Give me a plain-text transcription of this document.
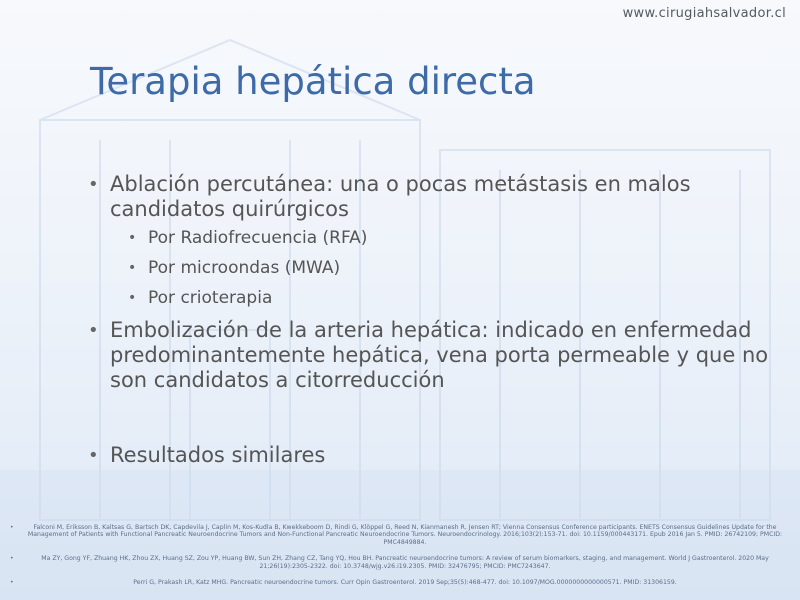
www.cirugiahsalvador.cl
Terapia hepática directa
• Ablación percutánea: una o pocas metástasis en malos candidatos quirúrgicos
• Por Radiofrecuencia (RFA)
• Por microondas (MWA)
• Por crioterapia
• Embolización de la arteria hepática: indicado en enfermedad predominantemente hepática, vena porta permeable y que no son candidatos a citorreducción
• Resultados similares
•	Falconi M, Eriksson B, Kaltsas G, Bartsch DK, Capdevila J, Caplin M, Kos-Kudla B, Kwekkeboom D, Rindi G, Klöppel G, Reed N, Kianmanesh R, Jensen RT; Vienna Consensus Conference participants. ENETS Consensus Guidelines Update for the Management of Patients with Functional Pancreatic Neuroendocrine Tumors and Non-Functional Pancreatic Neuroendocrine Tumors. Neuroendocrinology. 2016;103(2):153-71. doi: 10.1159/000443171. Epub 2016 Jan 5. PMID: 26742109; PMCID: PMC4849884.
•	Ma ZY, Gong YF, Zhuang HK, Zhou ZX, Huang SZ, Zou YP, Huang BW, Sun ZH, Zhang CZ, Tang YQ, Hou BH. Pancreatic neuroendocrine tumors: A review of serum biomarkers, staging, and management. World J Gastroenterol. 2020 May 21;26(19):2305-2322. doi: 10.3748/wjg.v26.i19.2305. PMID: 32476795; PMCID: PMC7243647.
•	Perri G, Prakash LR, Katz MHG. Pancreatic neuroendocrine tumors. Curr Opin Gastroenterol. 2019 Sep;35(5):468-477. doi: 10.1097/MOG.0000000000000571. PMID: 31306159.
